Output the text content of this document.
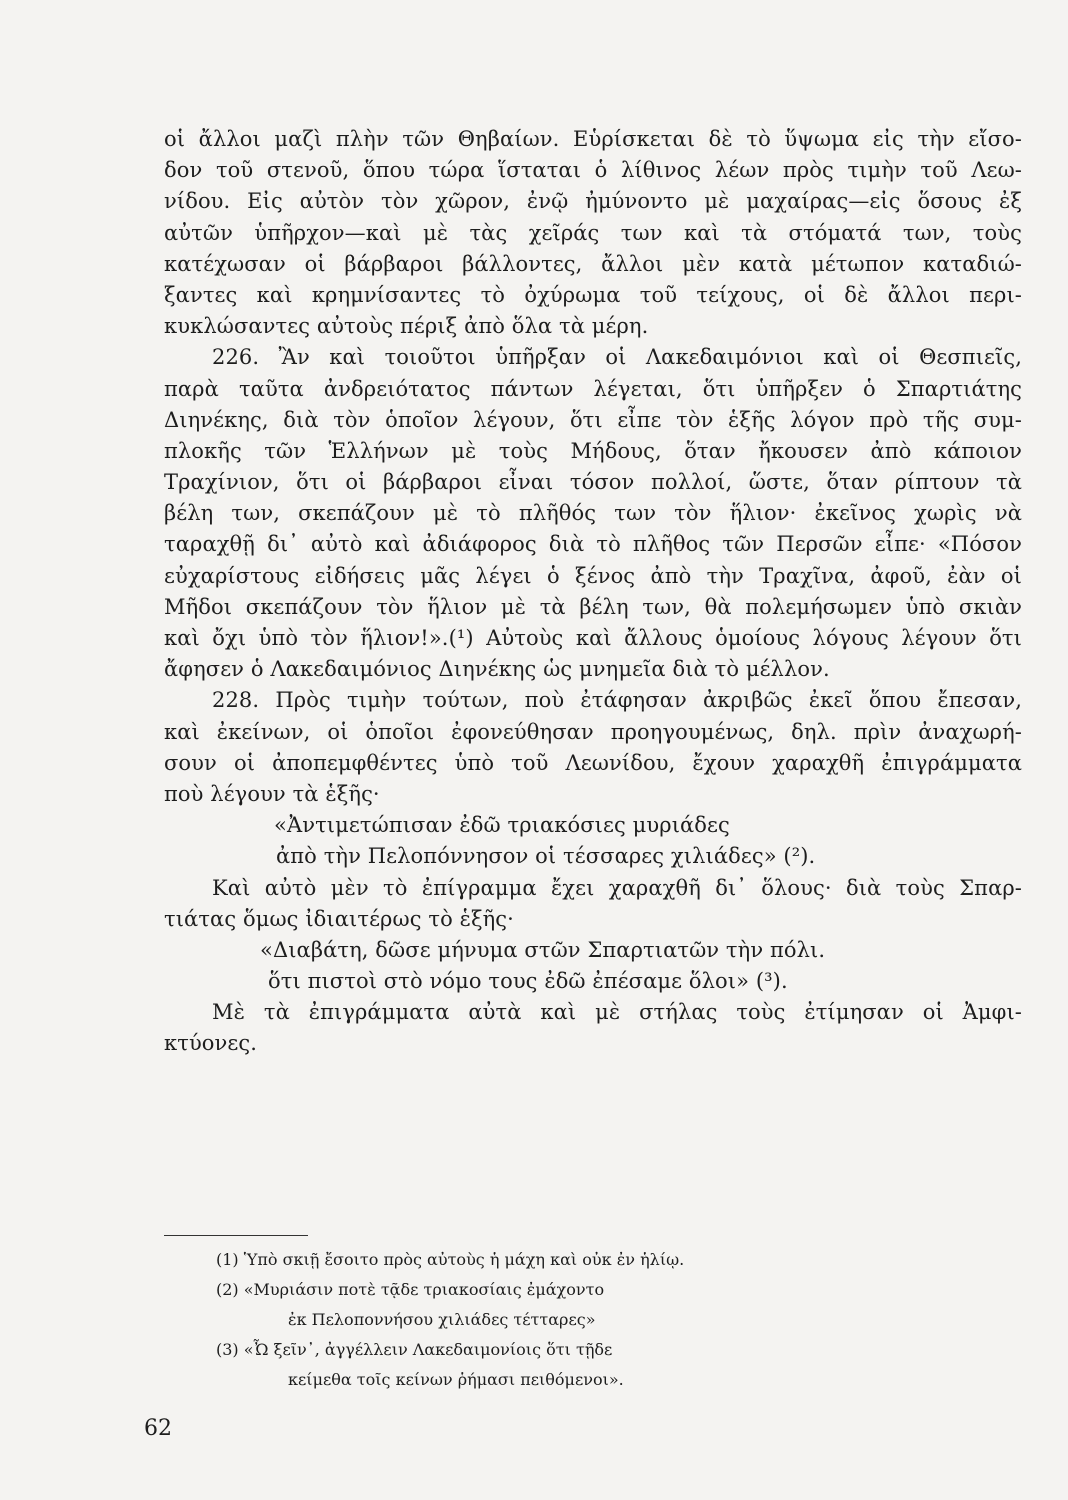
οἱ ἄλλοι μαζὶ πλὴν τῶν Θηβαίων. Εὑρίσκεται δὲ τὸ ὕψωμα εἰς τὴν εἴσο-
δον τοῦ στενοῦ, ὅπου τώρα ἵσταται ὁ λίθινος λέων πρὸς τιμὴν τοῦ Λεω-
νίδου. Εἰς αὐτὸν τὸν χῶρον, ἐνῷ ἠμύνοντο μὲ μαχαίρας—εἰς ὅσους ἐξ
αὐτῶν ὑπῆρχον—καὶ μὲ τὰς χεῖράς των καὶ τὰ στόματά των, τοὺς
κατέχωσαν οἱ βάρβαροι βάλλοντες, ἄλλοι μὲν κατὰ μέτωπον καταδιώ-
ξαντες καὶ κρημνίσαντες τὸ ὀχύρωμα τοῦ τείχους, οἱ δὲ ἄλλοι περι-
κυκλώσαντες αὐτοὺς πέριξ ἀπὸ ὅλα τὰ μέρη.
226. Ἂν καὶ τοιοῦτοι ὑπῆρξαν οἱ Λακεδαιμόνιοι καὶ οἱ Θεσπιεῖς,
παρὰ ταῦτα ἀνδρειότατος πάντων λέγεται, ὅτι ὑπῆρξεν ὁ Σπαρτιάτης
Διηνέκης, διὰ τὸν ὁποῖον λέγουν, ὅτι εἶπε τὸν ἑξῆς λόγον πρὸ τῆς συμ-
πλοκῆς τῶν Ἑλλήνων μὲ τοὺς Μήδους, ὅταν ἤκουσεν ἀπὸ κάποιον
Τραχίνιον, ὅτι οἱ βάρβαροι εἶναι τόσον πολλοί, ὥστε, ὅταν ρίπτουν τὰ
βέλη των, σκεπάζουν μὲ τὸ πλῆθός των τὸν ἥλιον· ἐκεῖνος χωρὶς νὰ
ταραχθῇ δι᾽ αὐτὸ καὶ ἀδιάφορος διὰ τὸ πλῆθος τῶν Περσῶν εἶπε· «Πόσον
εὐχαρίστους εἰδήσεις μᾶς λέγει ὁ ξένος ἀπὸ τὴν Τραχῖνα, ἀφοῦ, ἐὰν οἱ
Μῆδοι σκεπάζουν τὸν ἥλιον μὲ τὰ βέλη των, θὰ πολεμήσωμεν ὑπὸ σκιὰν
καὶ ὄχι ὑπὸ τὸν ἥλιον!».(¹) Αὐτοὺς καὶ ἄλλους ὁμοίους λόγους λέγουν ὅτι
ἄφησεν ὁ Λακεδαιμόνιος Διηνέκης ὡς μνημεῖα διὰ τὸ μέλλον.
228. Πρὸς τιμὴν τούτων, ποὺ ἐτάφησαν ἀκριβῶς ἐκεῖ ὅπου ἔπεσαν,
καὶ ἐκείνων, οἱ ὁποῖοι ἐφονεύθησαν προηγουμένως, δηλ. πρὶν ἀναχωρή-
σουν οἱ ἀποπεμφθέντες ὑπὸ τοῦ Λεωνίδου, ἔχουν χαραχθῆ ἐπιγράμματα
ποὺ λέγουν τὰ ἑξῆς·
«Ἀντιμετώπισαν ἐδῶ τριακόσιες μυριάδες
ἀπὸ τὴν Πελοπόννησον οἱ τέσσαρες χιλιάδες» (²).
Καὶ αὐτὸ μὲν τὸ ἐπίγραμμα ἔχει χαραχθῆ δι᾽ ὅλους· διὰ τοὺς Σπαρ-
τιάτας ὅμως ἰδιαιτέρως τὸ ἑξῆς·
«Διαβάτη, δῶσε μήνυμα στῶν Σπαρτιατῶν τὴν πόλι.
ὅτι πιστοὶ στὸ νόμο τους ἐδῶ ἐπέσαμε ὅλοι» (³).
Μὲ τὰ ἐπιγράμματα αὐτὰ καὶ μὲ στήλας τοὺς ἐτίμησαν οἱ Ἀμφι-
κτύονες.
(1) Ὑπὸ σκιῇ ἔσοιτο πρὸς αὐτοὺς ἡ μάχη καὶ οὐκ ἐν ἡλίῳ.
(2) «Μυριάσιν ποτὲ τᾷδε τριακοσίαις ἐμάχοντο
ἐκ Πελοποννήσου χιλιάδες τέτταρες»
(3) «Ὦ ξεῖν᾽, ἀγγέλλειν Λακεδαιμονίοις ὅτι τῇδε
κείμεθα τοῖς κείνων ῥήμασι πειθόμενοι».
62
